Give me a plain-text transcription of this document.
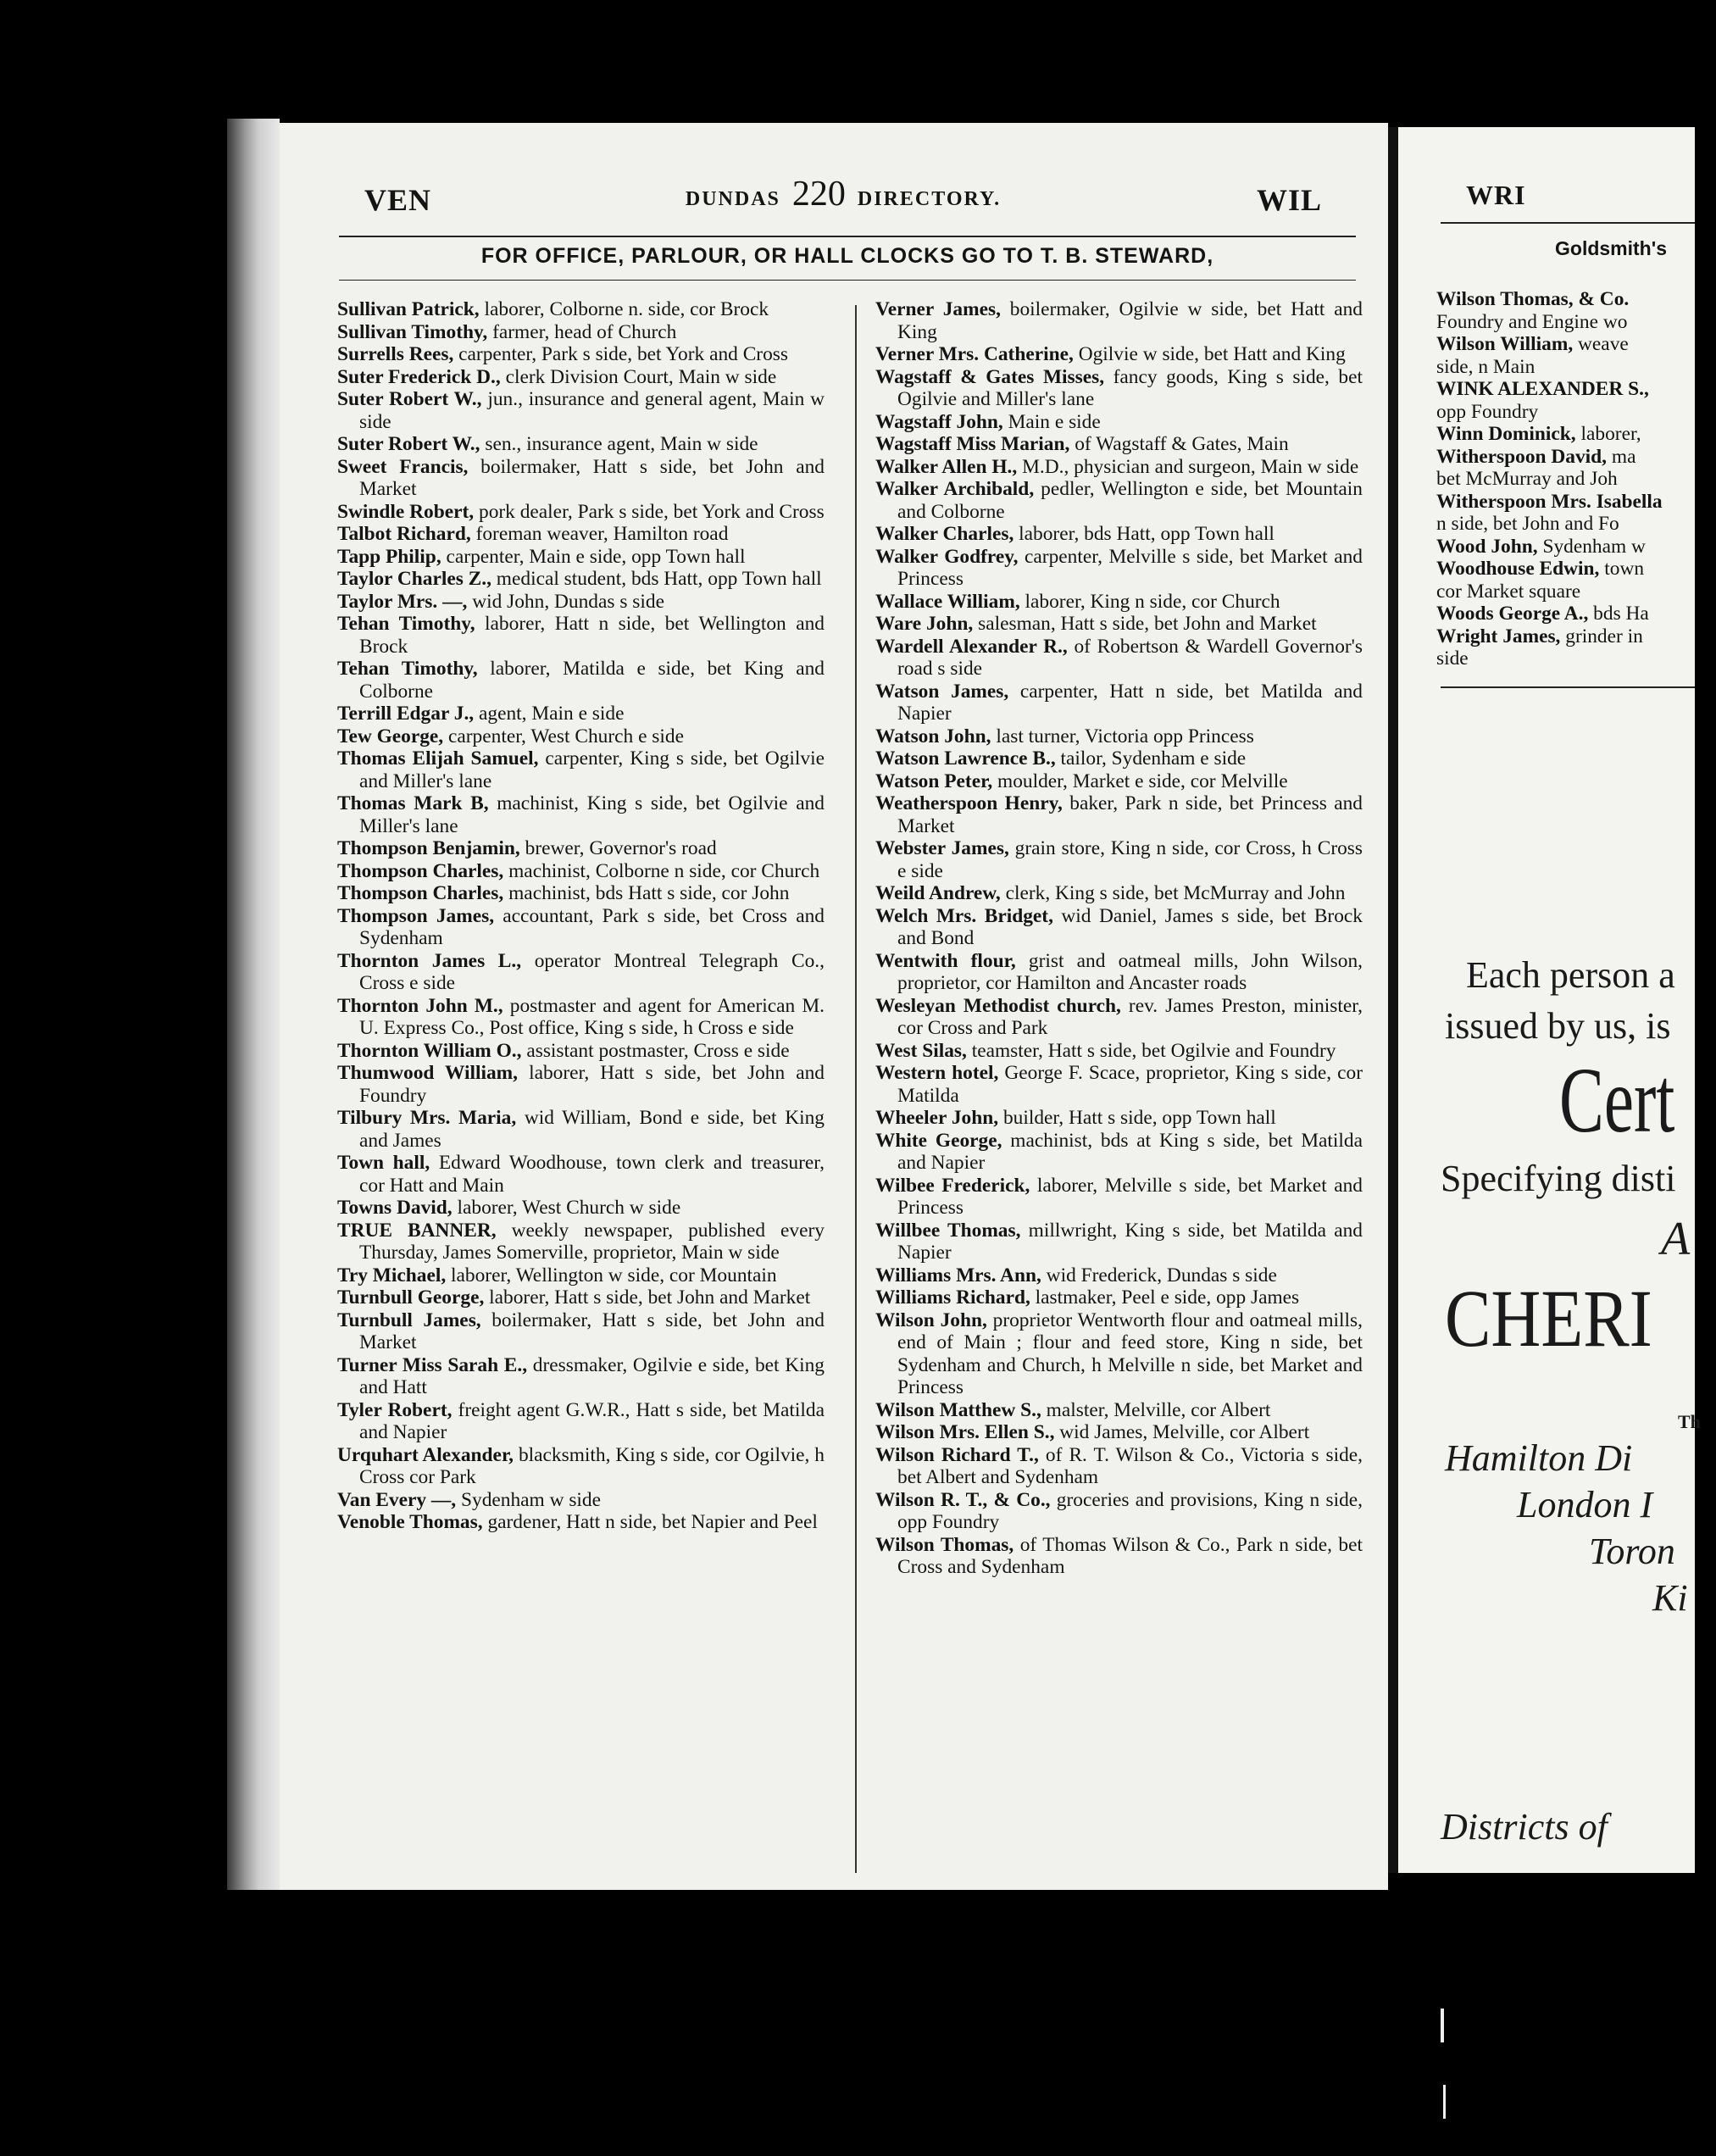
VEN	DUNDAS 220 DIRECTORY.	WIL
FOR OFFICE, PARLOUR, OR HALL CLOCKS GO TO T. B. STEWARD,

Sullivan Patrick, laborer, Colborne n. side, cor Brock

Sullivan Timothy, farmer, head of Church

Surrells Rees, carpenter, Park s side, bet York and Cross

Suter Frederick D., clerk Division Court, Main w side

Suter Robert W., jun., insurance and general agent, Main w side

Suter Robert W., sen., insurance agent, Main w side

Sweet Francis, boilermaker, Hatt s side, bet John and Market

Swindle Robert, pork dealer, Park s side, bet York and Cross

Talbot Richard, foreman weaver, Hamilton road

Tapp Philip, carpenter, Main e side, opp Town hall

Taylor Charles Z., medical student, bds Hatt, opp Town hall

Taylor Mrs. —, wid John, Dundas s side

Tehan Timothy, laborer, Hatt n side, bet Wellington and Brock

Tehan Timothy, laborer, Matilda e side, bet King and Colborne

Terrill Edgar J., agent, Main e side

Tew George, carpenter, West Church e side

Thomas Elijah Samuel, carpenter, King s side, bet Ogilvie and Miller's lane

Thomas Mark B, machinist, King s side, bet Ogilvie and Miller's lane

Thompson Benjamin, brewer, Governor's road

Thompson Charles, machinist, Colborne n side, cor Church

Thompson Charles, machinist, bds Hatt s side, cor John

Thompson James, accountant, Park s side, bet Cross and Sydenham

Thornton James L., operator Montreal Telegraph Co., Cross e side

Thornton John M., postmaster and agent for American M. U. Express Co., Post office, King s side, h Cross e side

Thornton William O., assistant postmaster, Cross e side

Thumwood William, laborer, Hatt s side, bet John and Foundry

Tilbury Mrs. Maria, wid William, Bond e side, bet King and James

Town hall, Edward Woodhouse, town clerk and treasurer, cor Hatt and Main

Towns David, laborer, West Church w side

TRUE BANNER, weekly newspaper, published every Thursday, James Somerville, proprietor, Main w side

Try Michael, laborer, Wellington w side, cor Mountain

Turnbull George, laborer, Hatt s side, bet John and Market

Turnbull James, boilermaker, Hatt s side, bet John and Market

Turner Miss Sarah E., dressmaker, Ogilvie e side, bet King and Hatt

Tyler Robert, freight agent G.W.R., Hatt s side, bet Matilda and Napier

Urquhart Alexander, blacksmith, King s side, cor Ogilvie, h Cross cor Park

Van Every —, Sydenham w side

Venoble Thomas, gardener, Hatt n side, bet Napier and Peel

Verner James, boilermaker, Ogilvie w side, bet Hatt and King

Verner Mrs. Catherine, Ogilvie w side, bet Hatt and King

Wagstaff & Gates Misses, fancy goods, King s side, bet Ogilvie and Miller's lane

Wagstaff John, Main e side

Wagstaff Miss Marian, of Wagstaff & Gates, Main

Walker Allen H., M.D., physician and surgeon, Main w side

Walker Archibald, pedler, Wellington e side, bet Mountain and Colborne

Walker Charles, laborer, bds Hatt, opp Town hall

Walker Godfrey, carpenter, Melville s side, bet Market and Princess

Wallace William, laborer, King n side, cor Church

Ware John, salesman, Hatt s side, bet John and Market

Wardell Alexander R., of Robertson & Wardell Governor's road s side

Watson James, carpenter, Hatt n side, bet Matilda and Napier

Watson John, last turner, Victoria opp Princess

Watson Lawrence B., tailor, Sydenham e side

Watson Peter, moulder, Market e side, cor Melville

Weatherspoon Henry, baker, Park n side, bet Princess and Market

Webster James, grain store, King n side, cor Cross, h Cross e side

Weild Andrew, clerk, King s side, bet McMurray and John

Welch Mrs. Bridget, wid Daniel, James s side, bet Brock and Bond

Wentwith flour, grist and oatmeal mills, John Wilson, proprietor, cor Hamilton and Ancaster roads

Wesleyan Methodist church, rev. James Preston, minister, cor Cross and Park

West Silas, teamster, Hatt s side, bet Ogilvie and Foundry

Western hotel, George F. Scace, proprietor, King s side, cor Matilda

Wheeler John, builder, Hatt s side, opp Town hall

White George, machinist, bds at King s side, bet Matilda and Napier

Wilbee Frederick, laborer, Melville s side, bet Market and Princess

Willbee Thomas, millwright, King s side, bet Matilda and Napier

Williams Mrs. Ann, wid Frederick, Dundas s side

Williams Richard, lastmaker, Peel e side, opp James

Wilson John, proprietor Wentworth flour and oatmeal mills, end of Main ; flour and feed store, King n side, bet Sydenham and Church, h Melville n side, bet Market and Princess

Wilson Matthew S., malster, Melville, cor Albert

Wilson Mrs. Ellen S., wid James, Melville, cor Albert

Wilson Richard T., of R. T. Wilson & Co., Victoria s side, bet Albert and Sydenham

Wilson R. T., & Co., groceries and provisions, King n side, opp Foundry

Wilson Thomas, of Thomas Wilson & Co., Park n side, bet Cross and Sydenham

WRI
Goldsmith's

Wilson Thomas, & Co.

Foundry and Engine wo

Wilson William, weave

side, n Main

WINK ALEXANDER S.,

opp Foundry

Winn Dominick, laborer,

Witherspoon David, ma

bet McMurray and Joh

Witherspoon Mrs. Isabella

n side, bet John and Fo

Wood John, Sydenham w

Woodhouse Edwin, town

cor Market square

Woods George A., bds Ha

Wright James, grinder in

side

Each person a
issued by us, is
Cert
Specifying disti
A
CHERI
Th
Hamilton Di
London I
Toron
Ki
Districts of
